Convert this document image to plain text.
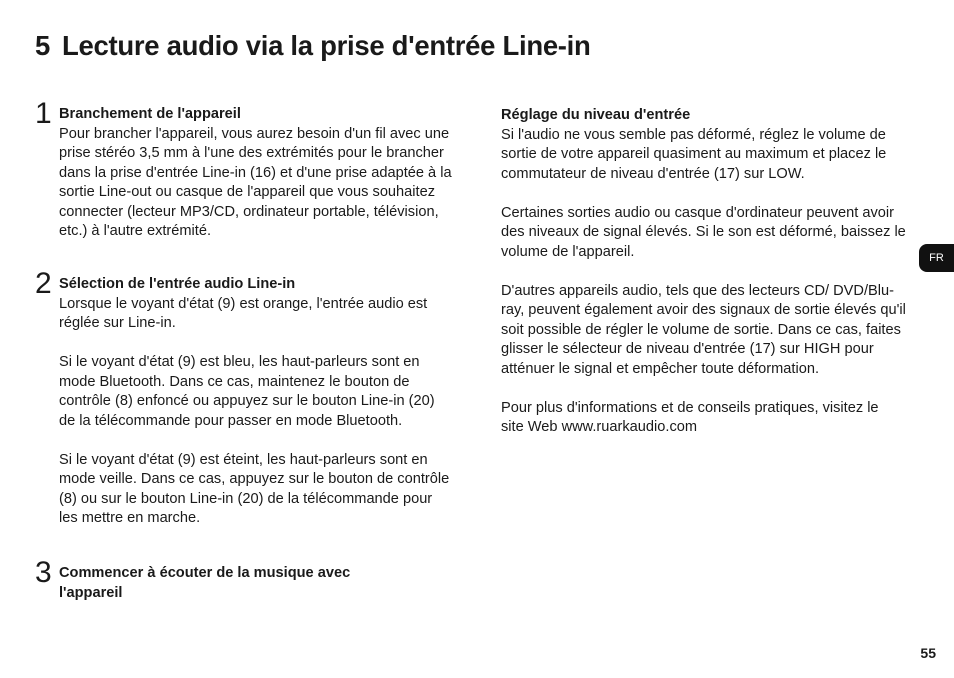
5 Lecture audio via la prise d'entrée Line-in
1 Branchement de l'appareil

Pour brancher l'appareil, vous aurez besoin d'un fil avec une prise stéréo 3,5 mm à l'une des extrémités pour le brancher dans la prise d'entrée Line-in (16) et d'une prise adaptée à la sortie Line-out ou casque de l'appareil que vous souhaitez connecter (lecteur MP3/CD, ordinateur portable, télévision, etc.) à l'autre extrémité.

2 Sélection de l'entrée audio Line-in

Lorsque le voyant d'état (9) est orange, l'entrée audio est réglée sur Line-in.

Si le voyant d'état (9) est bleu, les haut-parleurs sont en mode Bluetooth. Dans ce cas, maintenez le bouton de contrôle (8) enfoncé ou appuyez sur le bouton Line-in (20) de la télécommande pour passer en mode Bluetooth.

Si le voyant d'état (9) est éteint, les haut-parleurs sont en mode veille. Dans ce cas, appuyez sur le bouton de contrôle (8) ou sur le bouton Line-in (20) de la télécommande pour les mettre en marche.

3 Commencer à écouter de la musique avec l'appareil
Réglage du niveau d'entrée

Si l'audio ne vous semble pas déformé, réglez le volume de sortie de votre appareil quasiment au maximum et placez le commutateur de niveau d'entrée (17) sur LOW.

Certaines sorties audio ou casque d'ordinateur peuvent avoir des niveaux de signal élevés. Si le son est déformé, baissez le volume de l'appareil.

D'autres appareils audio, tels que des lecteurs CD/ DVD/Blu-ray, peuvent également avoir des signaux de sortie élevés qu'il soit possible de régler le volume de sortie. Dans ce cas, faites glisser le sélecteur de niveau d'entrée (17) sur HIGH pour atténuer le signal et empêcher toute déformation.

Pour plus d'informations et de conseils pratiques, visitez le site Web www.ruarkaudio.com

FR
55
